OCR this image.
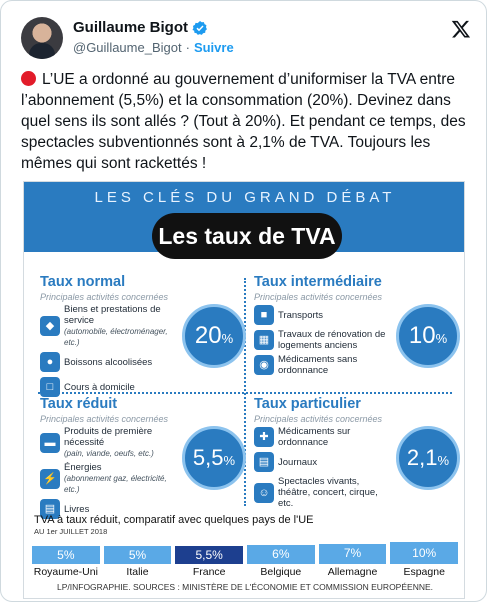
Guillaume Bigot
@Guillaume_Bigot · Suivre
L’UE a ordonné au gouvernement d’uniformiser la TVA entre l’abonnement (5,5%) et la consommation (20%). Devinez dans quel sens ils sont allés ? (Tout à 20%). Et pendant ce temps, des spectacles subventionnés sont à 2,1% de TVA. Toujours les mêmes qui sont rackettés !
LES CLÉS DU GRAND DÉBAT
Les taux de TVA
Taux normal
Principales activités concernées
◆
Biens et prestations de service
(automobile, électroménager, etc.)
●	Boissons alcoolisées
□	Cours à domicile
20%
Taux intermédiaire
Principales activités concernées
■	Transports
▦ Travaux de rénovation de logements anciens
◉ Médicaments sans ordonnance
10%
Taux réduit
Principales activités concernées
▬
Produits de première nécessité
(pain, viande, oeufs, etc.)
⚡
Énergies
(abonnement gaz, électricité, etc.)
▤ Livres
5,5%
Taux particulier
Principales activités concernées
✚ Médicaments sur ordonnance
▤ Journaux
☺
Spectacles vivants, théâtre, concert, cirque, etc.
2,1%
TVA à taux réduit, comparatif avec quelques pays de l'UE
AU 1er JUILLET 2018
5%
Royaume-Uni
5%
Italie
5,5%
France
6%
Belgique
7%
Allemagne
10%
Espagne
LP/INFOGRAPHIE. SOURCES : MINISTÈRE DE L'ÉCONOMIE ET COMMISSION EUROPÉENNE.
